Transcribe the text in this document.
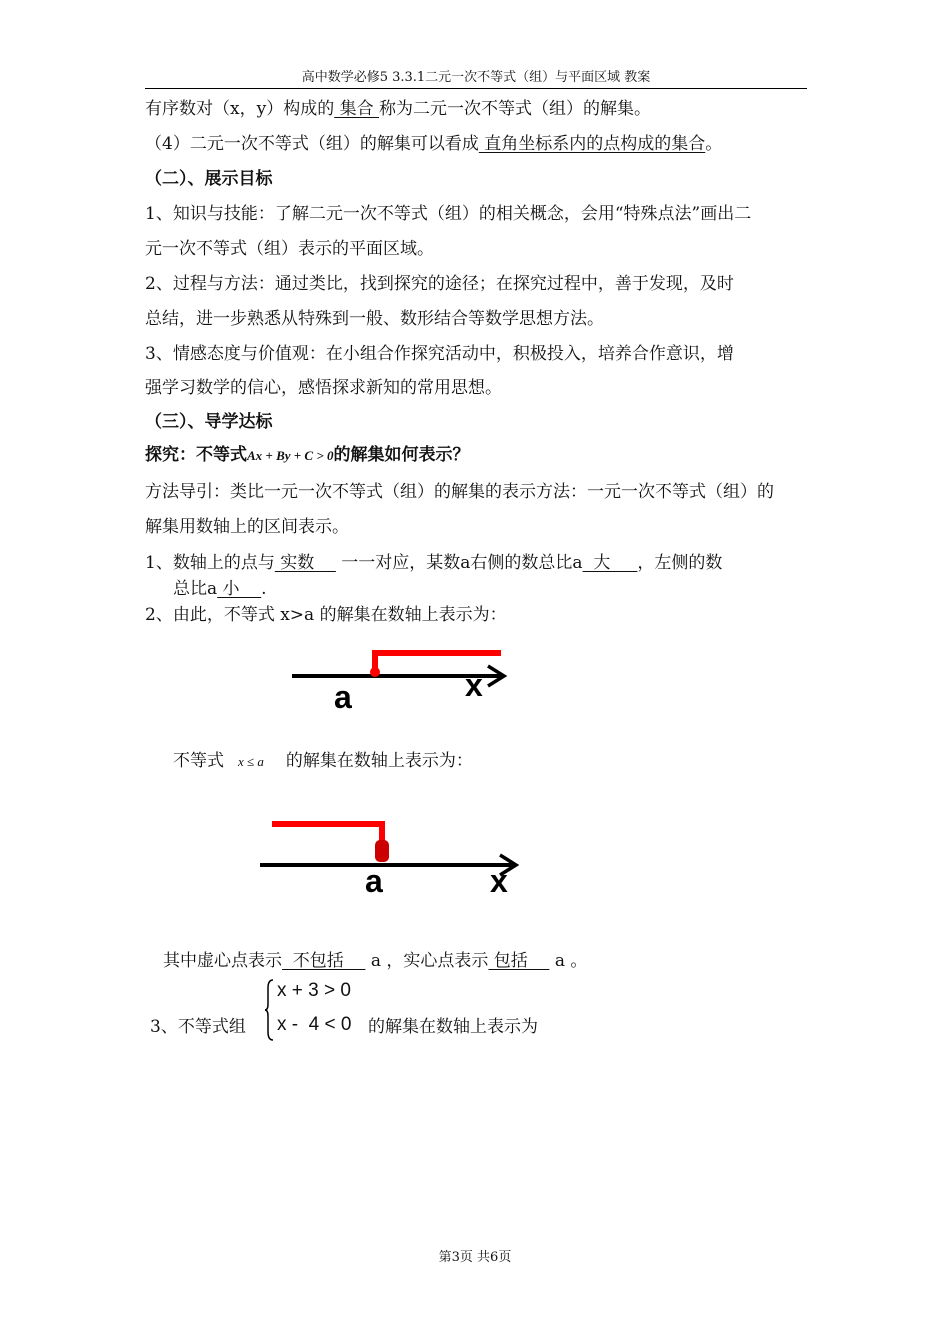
高中数学必修5 3.3.1二元一次不等式（组）与平面区域 教案
有序数对（x，y）构成的 集合 称为二元一次不等式（组）的解集。
（4）二元一次不等式（组）的解集可以看成 直角坐标系内的点构成的集合。
（二）、展示目标
1、知识与技能：了解二元一次不等式（组）的相关概念，会用“特殊点法”画出二
元一次不等式（组）表示的平面区域。
2、过程与方法：通过类比，找到探究的途径；在探究过程中，善于发现，及时
总结，进一步熟悉从特殊到一般、数形结合等数学思想方法。
3、情感态度与价值观：在小组合作探究活动中，积极投入，培养合作意识，增
强学习数学的信心，感悟探求新知的常用思想。
（三）、导学达标
探究：不等式Ax + By + C > 0的解集如何表示？
方法导引：类比一元一次不等式（组）的解集的表示方法：一元一次不等式（组）的
解集用数轴上的区间表示。
1、数轴上的点与 实数     一一对应，某数a右侧的数总比a  大     ，左侧的数
总比a 小    .
2、由此，不等式 x>a 的解集在数轴上表示为：
a	x
不等式 x ≤ a 的解集在数轴上表示为：
a	x
其中虚心点表示  不包括     a ，实心点表示 包括     a 。
3、不等式组
x + 3 > 0
x -  4 < 0 的解集在数轴上表示为
第3页 共6页
